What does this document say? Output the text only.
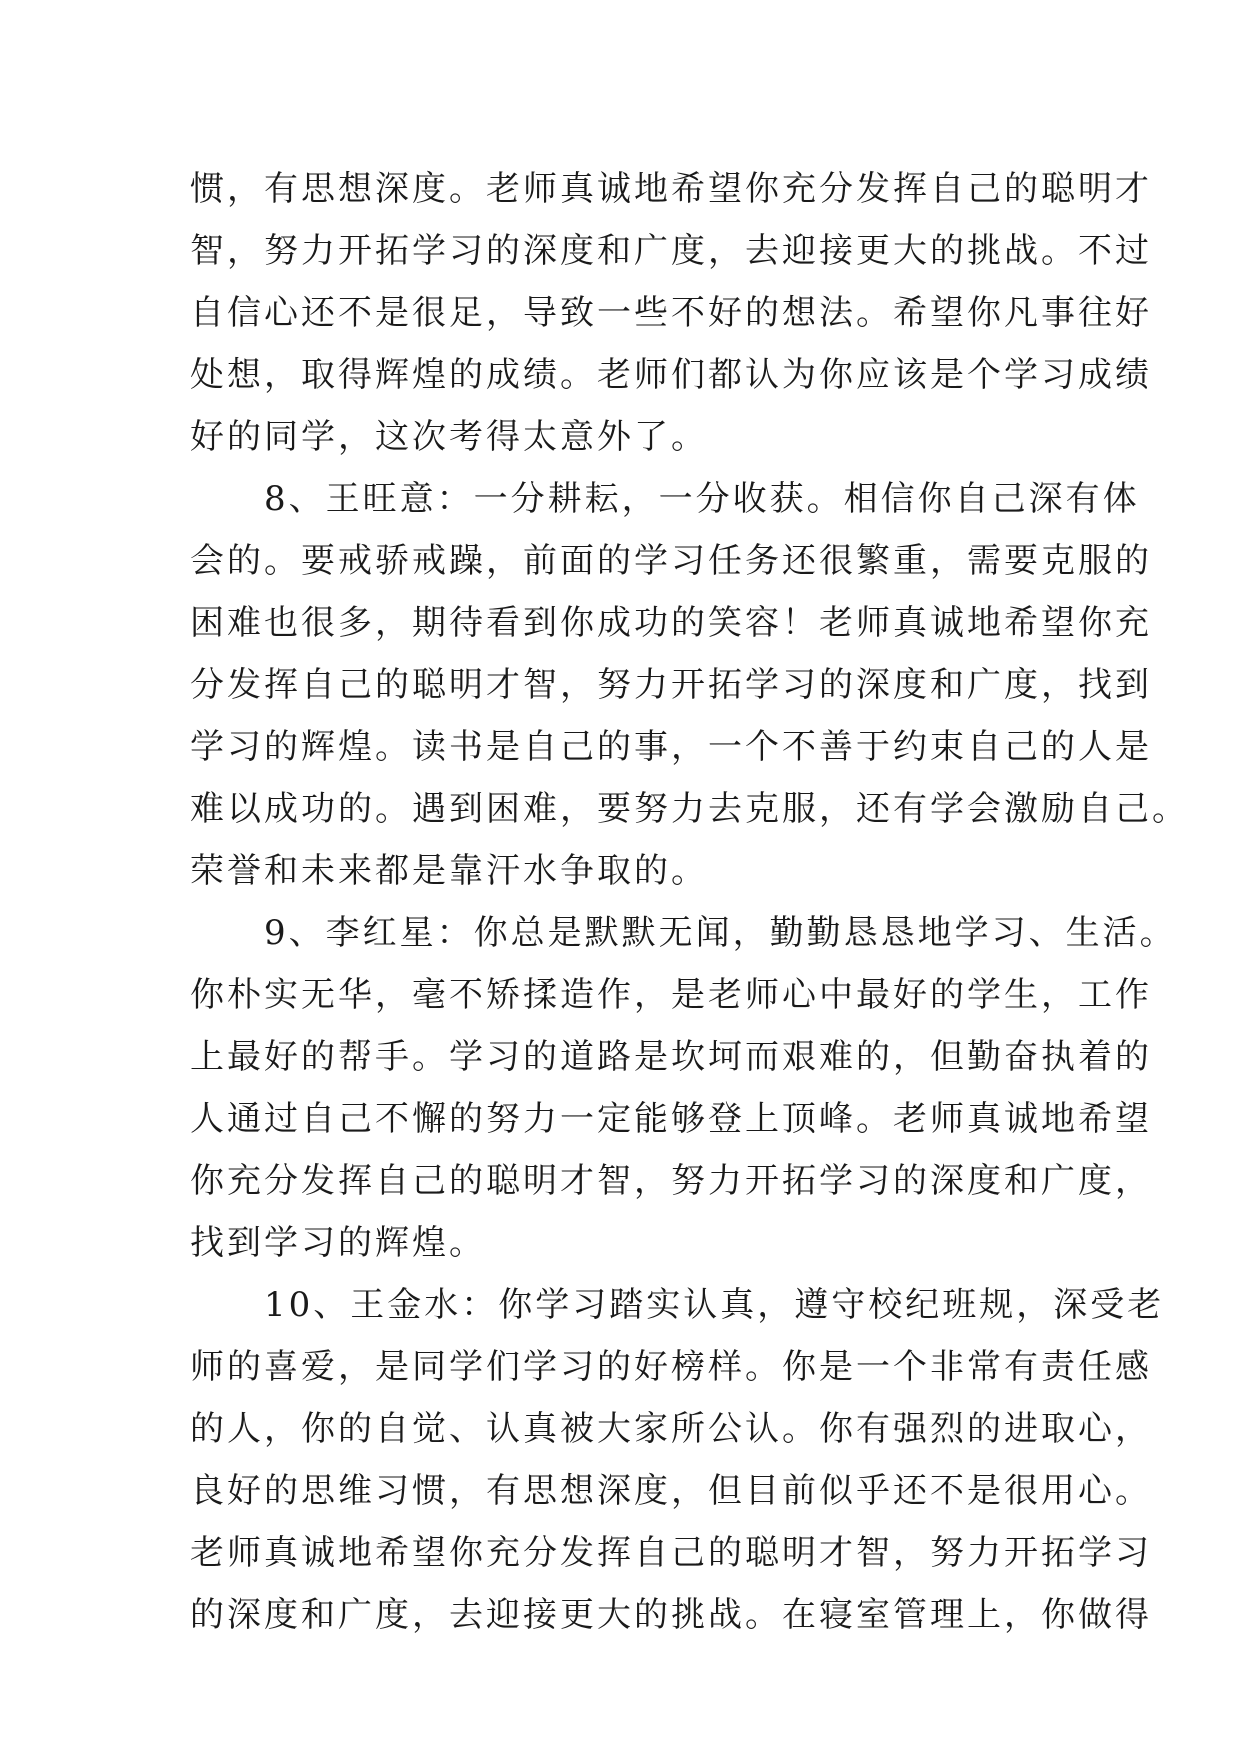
惯，有思想深度。老师真诚地希望你充分发挥自己的聪明才
智，努力开拓学习的深度和广度，去迎接更大的挑战。不过
自信心还不是很足，导致一些不好的想法。希望你凡事往好
处想，取得辉煌的成绩。老师们都认为你应该是个学习成绩
好的同学，这次考得太意外了。
　　8、王旺意：一分耕耘，一分收获。相信你自己深有体
会的。要戒骄戒躁，前面的学习任务还很繁重，需要克服的
困难也很多，期待看到你成功的笑容！老师真诚地希望你充
分发挥自己的聪明才智，努力开拓学习的深度和广度，找到
学习的辉煌。读书是自己的事，一个不善于约束自己的人是
难以成功的。遇到困难，要努力去克服，还有学会激励自己。
荣誉和未来都是靠汗水争取的。
　　9、李红星：你总是默默无闻，勤勤恳恳地学习、生活。
你朴实无华，毫不矫揉造作，是老师心中最好的学生，工作
上最好的帮手。学习的道路是坎坷而艰难的，但勤奋执着的
人通过自己不懈的努力一定能够登上顶峰。老师真诚地希望
你充分发挥自己的聪明才智，努力开拓学习的深度和广度，
找到学习的辉煌。
　　10、王金水：你学习踏实认真，遵守校纪班规，深受老
师的喜爱，是同学们学习的好榜样。你是一个非常有责任感
的人，你的自觉、认真被大家所公认。你有强烈的进取心，
良好的思维习惯，有思想深度，但目前似乎还不是很用心。
老师真诚地希望你充分发挥自己的聪明才智，努力开拓学习
的深度和广度，去迎接更大的挑战。在寝室管理上，你做得
